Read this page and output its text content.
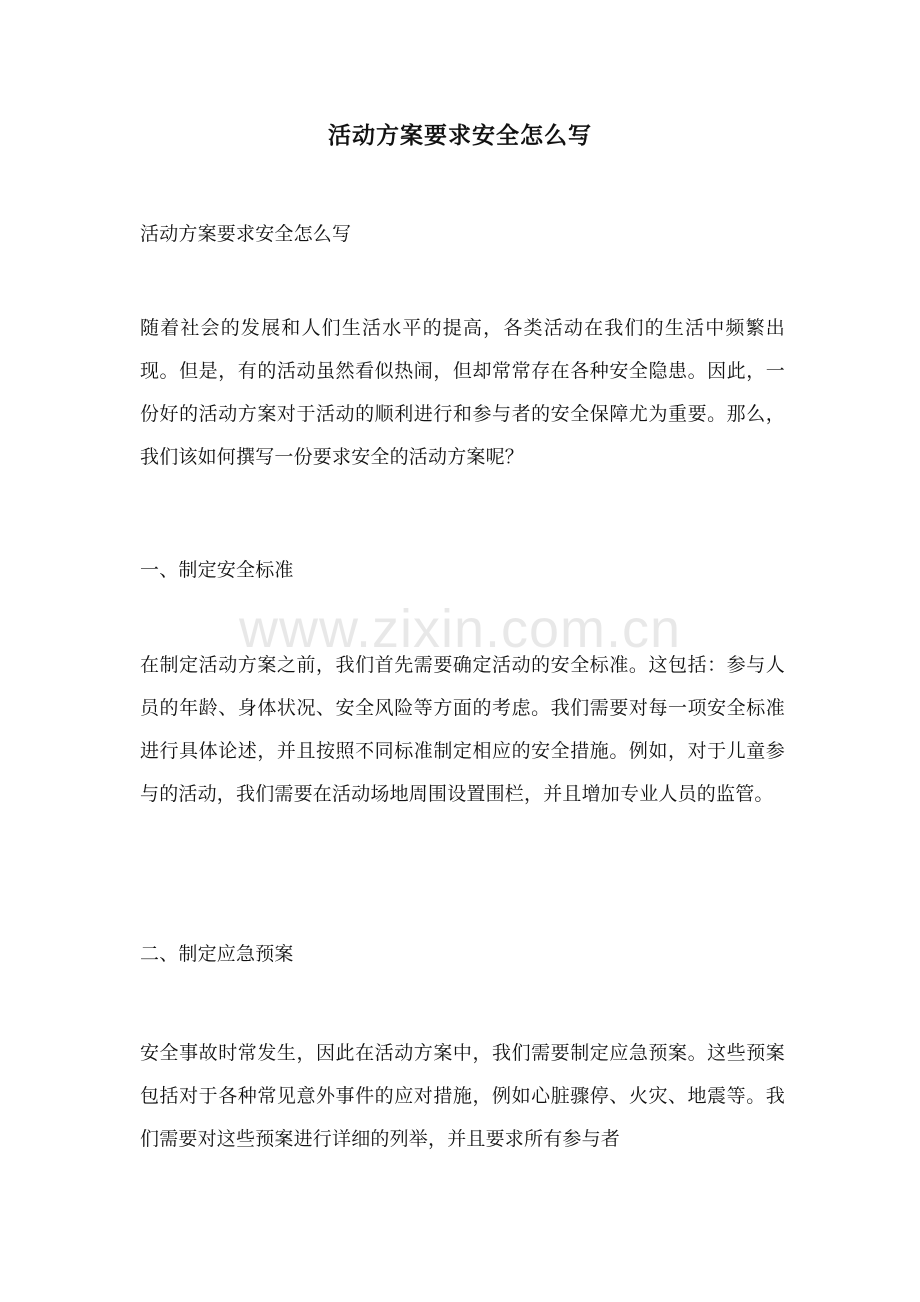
活动方案要求安全怎么写
活动方案要求安全怎么写
随着社会的发展和人们生活水平的提高，各类活动在我们的生活中频繁出现。但是，有的活动虽然看似热闹，但却常常存在各种安全隐患。因此，一份好的活动方案对于活动的顺利进行和参与者的安全保障尤为重要。那么，我们该如何撰写一份要求安全的活动方案呢？
一、制定安全标准
www.zixin.com.cn
在制定活动方案之前，我们首先需要确定活动的安全标准。这包括：参与人员的年龄、身体状况、安全风险等方面的考虑。我们需要对每一项安全标准进行具体论述，并且按照不同标准制定相应的安全措施。例如，对于儿童参与的活动，我们需要在活动场地周围设置围栏，并且增加专业人员的监管。
二、制定应急预案
安全事故时常发生，因此在活动方案中，我们需要制定应急预案。这些预案包括对于各种常见意外事件的应对措施，例如心脏骤停、火灾、地震等。我们需要对这些预案进行详细的列举，并且要求所有参与者
